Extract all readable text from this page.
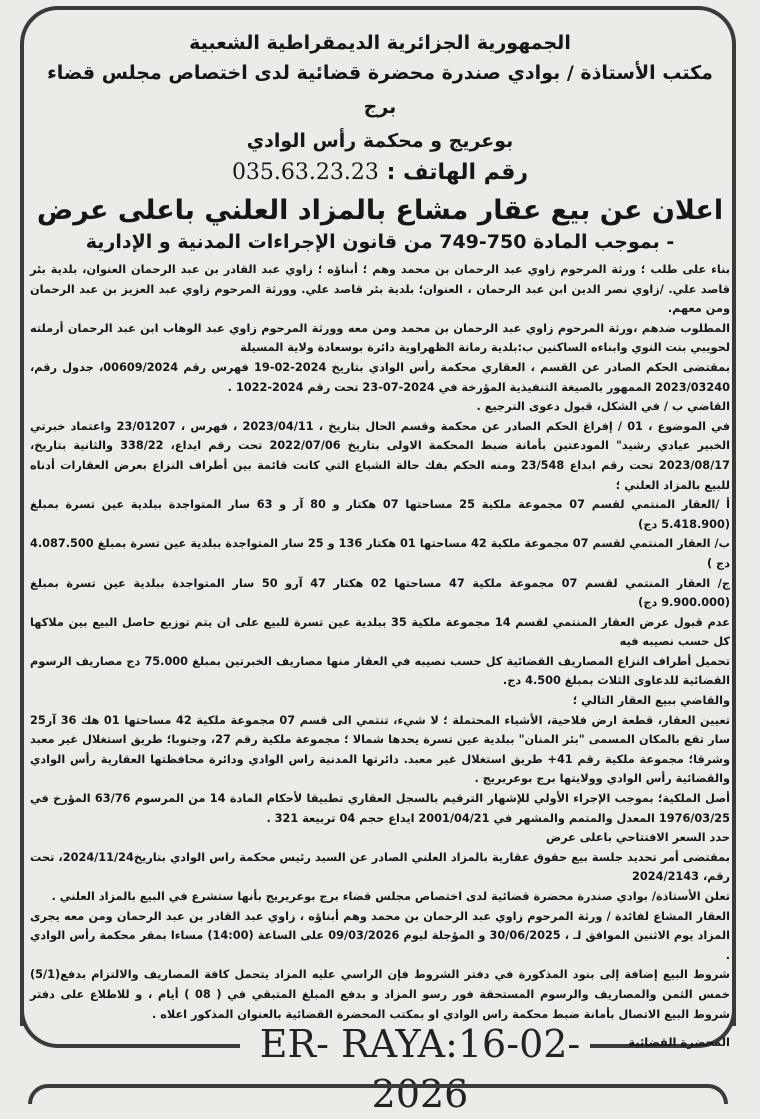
ER- RAYA:16-02-2026

الجمهورية الجزائرية الديمقراطية الشعبية

مكتب الأستاذة / بوادي صندرة محضرة قضائية لدى اختصاص مجلس قضاء برج

بوعريج و محكمة رأس الوادي

رقم الهاتف : 035.63.23.23

اعلان عن بيع عقار مشاع بالمزاد العلني باعلى عرض

- بموجب المادة 750-749 من قانون الإجراءات المدنية و الإدارية

بناء على طلب ؛ ورثة المرحوم زاوي عبد الرحمان بن محمد وهم ؛ أبناؤه ؛ زاوي عبد القادر بن عبد الرحمان العنوان، بلدية بئر قاصد علي. /زاوي نصر الدين ابن عبد الرحمان ، العنوان؛ بلدية بئر قاصد علي. وورثة المرحوم زاوي عبد العزيز بن عبد الرحمان ومن معهم.

المطلوب ضدهم ،ورثة المرحوم زاوي عبد الرحمان بن محمد ومن معه وورثة المرحوم زاوي عبد الوهاب ابن عبد الرحمان أرملته لحويبي بنت النوي وابناءه الساكنين ب:بلدية رمانة الظهراوية دائرة بوسعادة ولاية المسيلة

بمقتضى الحكم الصادر عن القسم ، العقاري محكمة رأس الوادي بتاريخ 2024-02-19 فهرس رقم 00609/2024، جدول رقم، 2023/03240 الممهور بالصيغة التنفيذية المؤرخة في 2024-07-23 تحت رقم 2024-1022 .

القاضي ب / في الشكل، قبول دعوى الترجيع .

في الموضوع ، 01 / إفراغ الحكم الصادر عن محكمة وقسم الحال بتاريخ ، 2023/04/11 ، فهرس ، 23/01207 واعتماد خبرتي الخبير عيادي رشيد" المودعتين بأمانة ضبط المحكمة الاولى بتاريخ 2022/07/06 تحت رقم ايداع، 338/22 والثانية بتاريخ، 2023/08/17 تحت رقم ابداع 23/548 ومنه الحكم بفك حالة الشياع التي كانت قائمة بين أطراف النزاع بعرض العقارات أدناه للبيع بالمزاد العلني ؛

أ /العقار المنتمي لقسم 07 مجموعة ملكية 25 مساحتها 07 هكتار و 80 آر و 63 سار المتواجدة ببلدية عين تسرة بمبلغ (5.418.900 دج)

ب/ العقار المنتمي لقسم 07 مجموعة ملكية 42 مساحتها 01 هكتار 136 و 25 سار المتواجدة ببلدية عين تسرة بمبلغ 4.087.500 دج )

ج/ العقار المنتمي لقسم 07 مجموعة ملكية 47 مساحتها 02 هكتار 47 آرو 50 سار المتواجدة ببلدية عين تسرة بمبلغ (9.900.000 دج)

عدم قبول عرض العقار المنتمي لقسم 14 مجموعة ملكية 35 ببلدية عين تسرة للبيع على ان يتم توزيع حاصل البيع بين ملاكها كل حسب نصيبه فيه

تحميل أطراف النزاع المصاريف القضائية كل حسب نصيبه في العقار منها مصاريف الخبرتين بمبلغ 75.000 دج مصاريف الرسوم القضائية للدعاوى الثلاث بمبلغ 4.500 دج.

والقاضي ببيع العقار التالي ؛

تعيين العقار، قطعة ارض فلاحية، الأشياء المحتملة ؛ لا شيء، تنتمي الى قسم 07 مجموعة ملكية 42 مساحتها 01 هك 36 آر25 سار تقع بالمكان المسمى "بئر المنان" ببلدية عين تسرة يحدها شمالا ؛ مجموعة ملكية رقم 27، وجنوبا؛ طريق استغلال غير معبد وشرقا؛ مجموعة ملكية رقم 41+ طريق استغلال غير معبد. دائرتها المدنية راس الوادي ودائرة محافظتها العقارية رأس الوادي والقضائية رأس الوادي وولايتها برج بوعريريج .

أصل الملكية؛ بموجب الإجراء الأولي للإشهار الترقيم بالسجل العقاري تطبيقا لأحكام المادة 14 من المرسوم 63/76 المؤرخ في 1976/03/25 المعدل والمتمم والمشهر في 2001/04/21 ايداع حجم 04 تربيعة 321 .

حدد السعر الافتتاحي باعلى عرض

بمقتضى أمر تحديد جلسة بيع حقوق عقارية بالمزاد العلني الصادر عن السيد رئيس محكمة راس الوادي بتاريخ2024/11/24، تحت رقم، 2024/2143

تعلن الأستاذة/ بوادي صندرة محضرة قضائية لدى اختصاص مجلس قضاء برج بوعريريج بأنها ستشرع في البيع بالمزاد العلني .

العقار المشاع لفائدة / ورثة المرحوم زاوي عبد الرحمان بن محمد وهم أبناؤه ، زاوي عبد القادر بن عبد الرحمان ومن معه يجرى المزاد يوم الاثنين الموافق لـ ، 30/06/2025 و المؤجلة ليوم 09/03/2026 على الساعة (14:00) مساءا بمقر محكمة رأس الوادي .

شروط البيع إضافة إلى بنود المذكورة في دفتر الشروط فإن الراسي عليه المزاد يتحمل كافة المصاريف والالتزام بدفع(5/1) خمس الثمن والمصاريف والرسوم المستحقة فور رسو المزاد و بدفع المبلغ المتبقي في ( 08 ) أيام ، و للاطلاع على دفتر شروط البيع الاتصال بأمانة ضبط محكمة راس الوادي او بمكتب المحضرة القضائية بالعنوان المذكور اعلاه .

المحضرة القضائية
